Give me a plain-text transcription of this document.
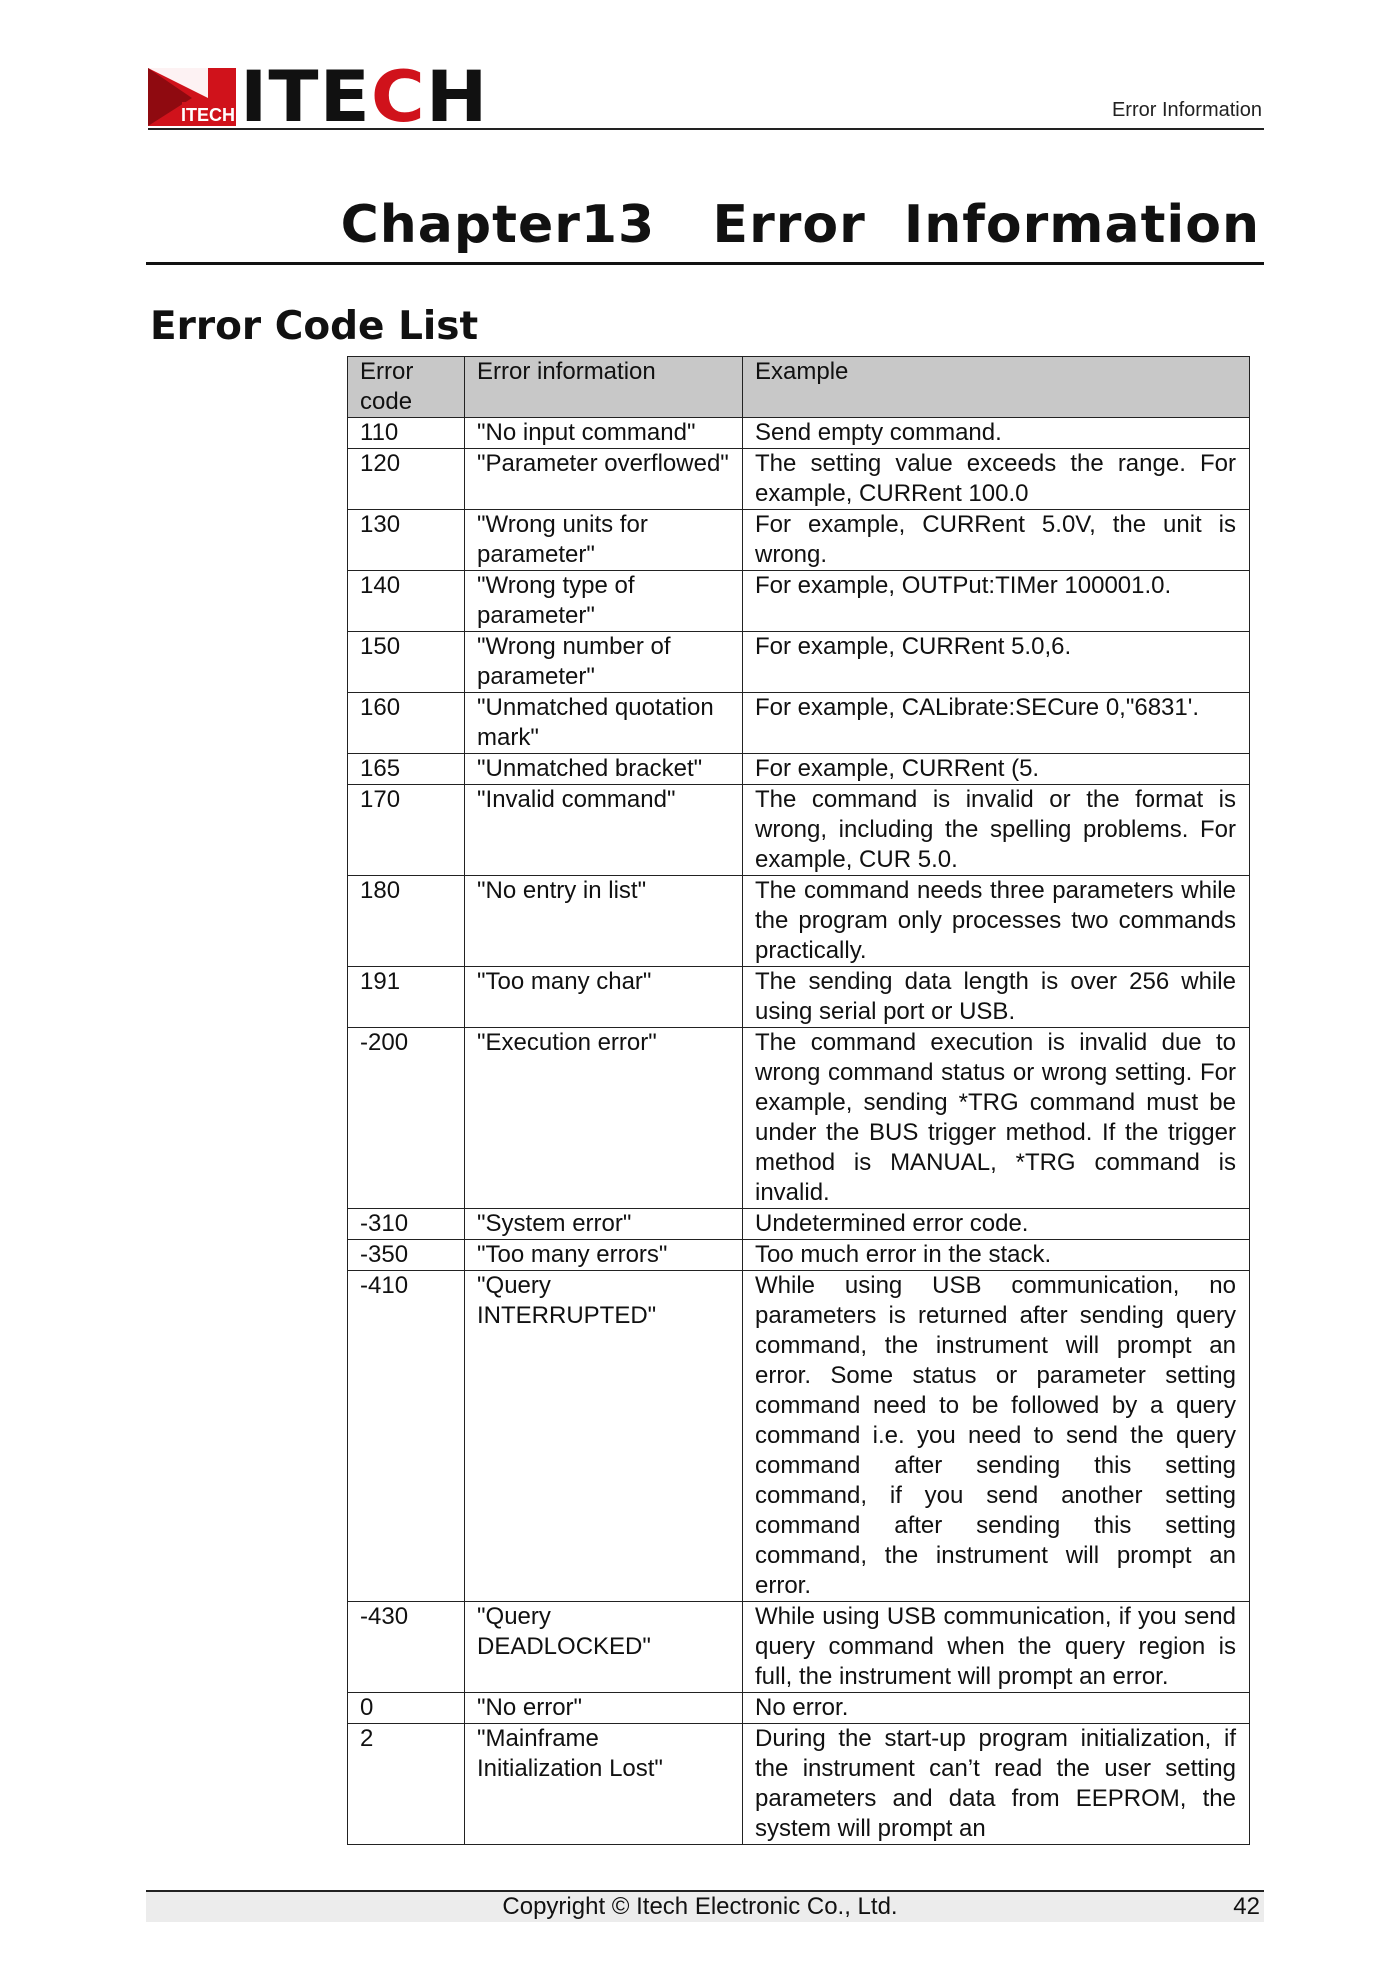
ITECH ITECH	Error Information
Chapter13   Error  Information
Error Code List
Error code	Error information	Example
110	"No input command"	Send empty command.
120	"Parameter overflowed"	The setting value exceeds the range. For example, CURRent 100.0
130	"Wrong units for parameter"	For example, CURRent 5.0V, the unit is wrong.
140	"Wrong type of parameter"	For example, OUTPut:TIMer 100001.0.
150	"Wrong number of parameter"	For example, CURRent 5.0,6.
160	"Unmatched quotation mark"	For example, CALibrate:SECure 0,"6831'.
165	"Unmatched bracket"	For example, CURRent (5.
170	"Invalid command"	The command is invalid or the format is wrong, including the spelling problems. For example, CUR 5.0.
180	"No entry in list"	The command needs three parameters while the program only processes two commands practically.
191	"Too many char"	The sending data length is over 256 while using serial port or USB.
-200	"Execution error"	The command execution is invalid due to wrong command status or wrong setting. For example, sending *TRG command must be under the BUS trigger method. If the trigger method is MANUAL, *TRG command is invalid.
-310	"System error"	Undetermined error code.
-350	"Too many errors"	Too much error in the stack.
-410	"Query INTERRUPTED"	While using USB communication, no parameters is returned after sending query command, the instrument will prompt an error. Some status or parameter setting command need to be followed by a query command i.e. you need to send the query command after sending this setting command, if you send another setting command after sending this setting command, the instrument will prompt an error.
-430	"Query DEADLOCKED"	While using USB communication, if you send query command when the query region is full, the instrument will prompt an error.
0	"No error"	No error.
2	"Mainframe Initialization Lost"	During the start-up program initialization, if the instrument can’t read the user setting parameters and data from EEPROM, the system will prompt an
Copyright © Itech Electronic Co., Ltd.	42
